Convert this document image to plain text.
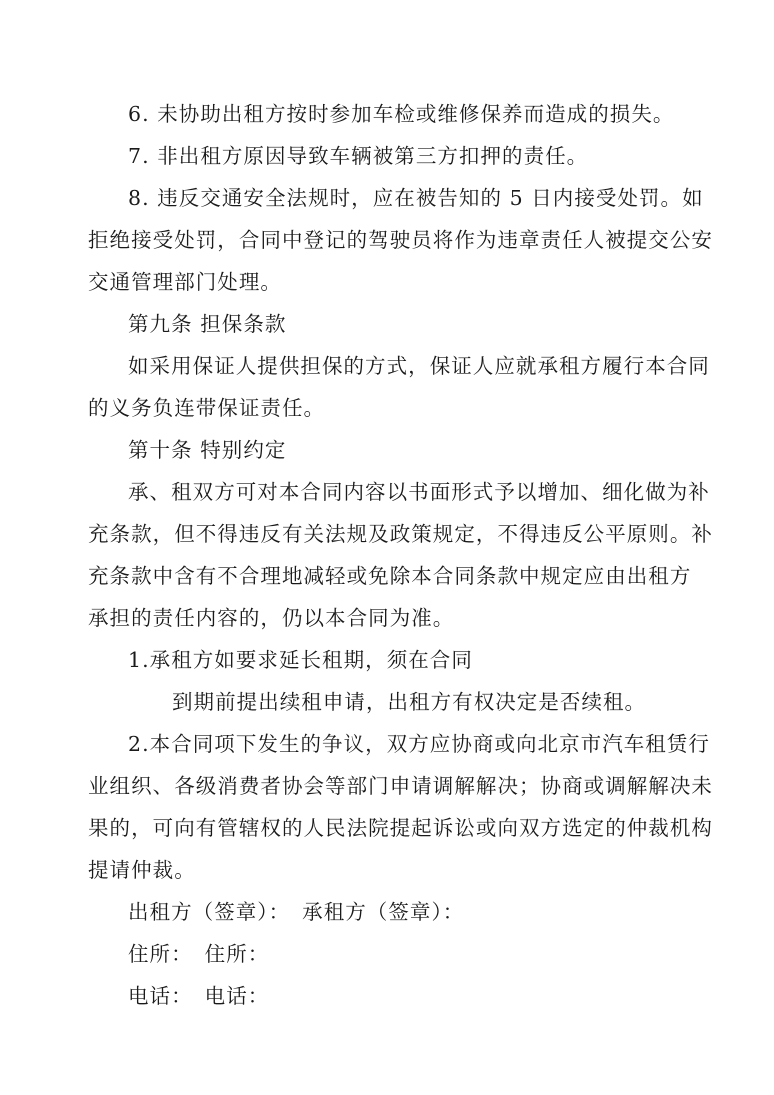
6. 未协助出租方按时参加车检或维修保养而造成的损失。
7. 非出租方原因导致车辆被第三方扣押的责任。
8. 违反交通安全法规时，应在被告知的 5 日内接受处罚。如
拒绝接受处罚，合同中登记的驾驶员将作为违章责任人被提交公安
交通管理部门处理。
第九条 担保条款
如采用保证人提供担保的方式，保证人应就承租方履行本合同
的义务负连带保证责任。
第十条 特别约定
承、租双方可对本合同内容以书面形式予以增加、细化做为补
充条款，但不得违反有关法规及政策规定，不得违反公平原则。补
充条款中含有不合理地减轻或免除本合同条款中规定应由出租方
承担的责任内容的，仍以本合同为准。
1.承租方如要求延长租期，须在合同
到期前提出续租申请，出租方有权决定是否续租。
2.本合同项下发生的争议，双方应协商或向北京市汽车租赁行
业组织、各级消费者协会等部门申请调解解决；协商或调解解决未
果的，可向有管辖权的人民法院提起诉讼或向双方选定的仲裁机构
提请仲裁。
出租方（签章）： 承租方（签章）：
住所： 住所：
电话： 电话：
